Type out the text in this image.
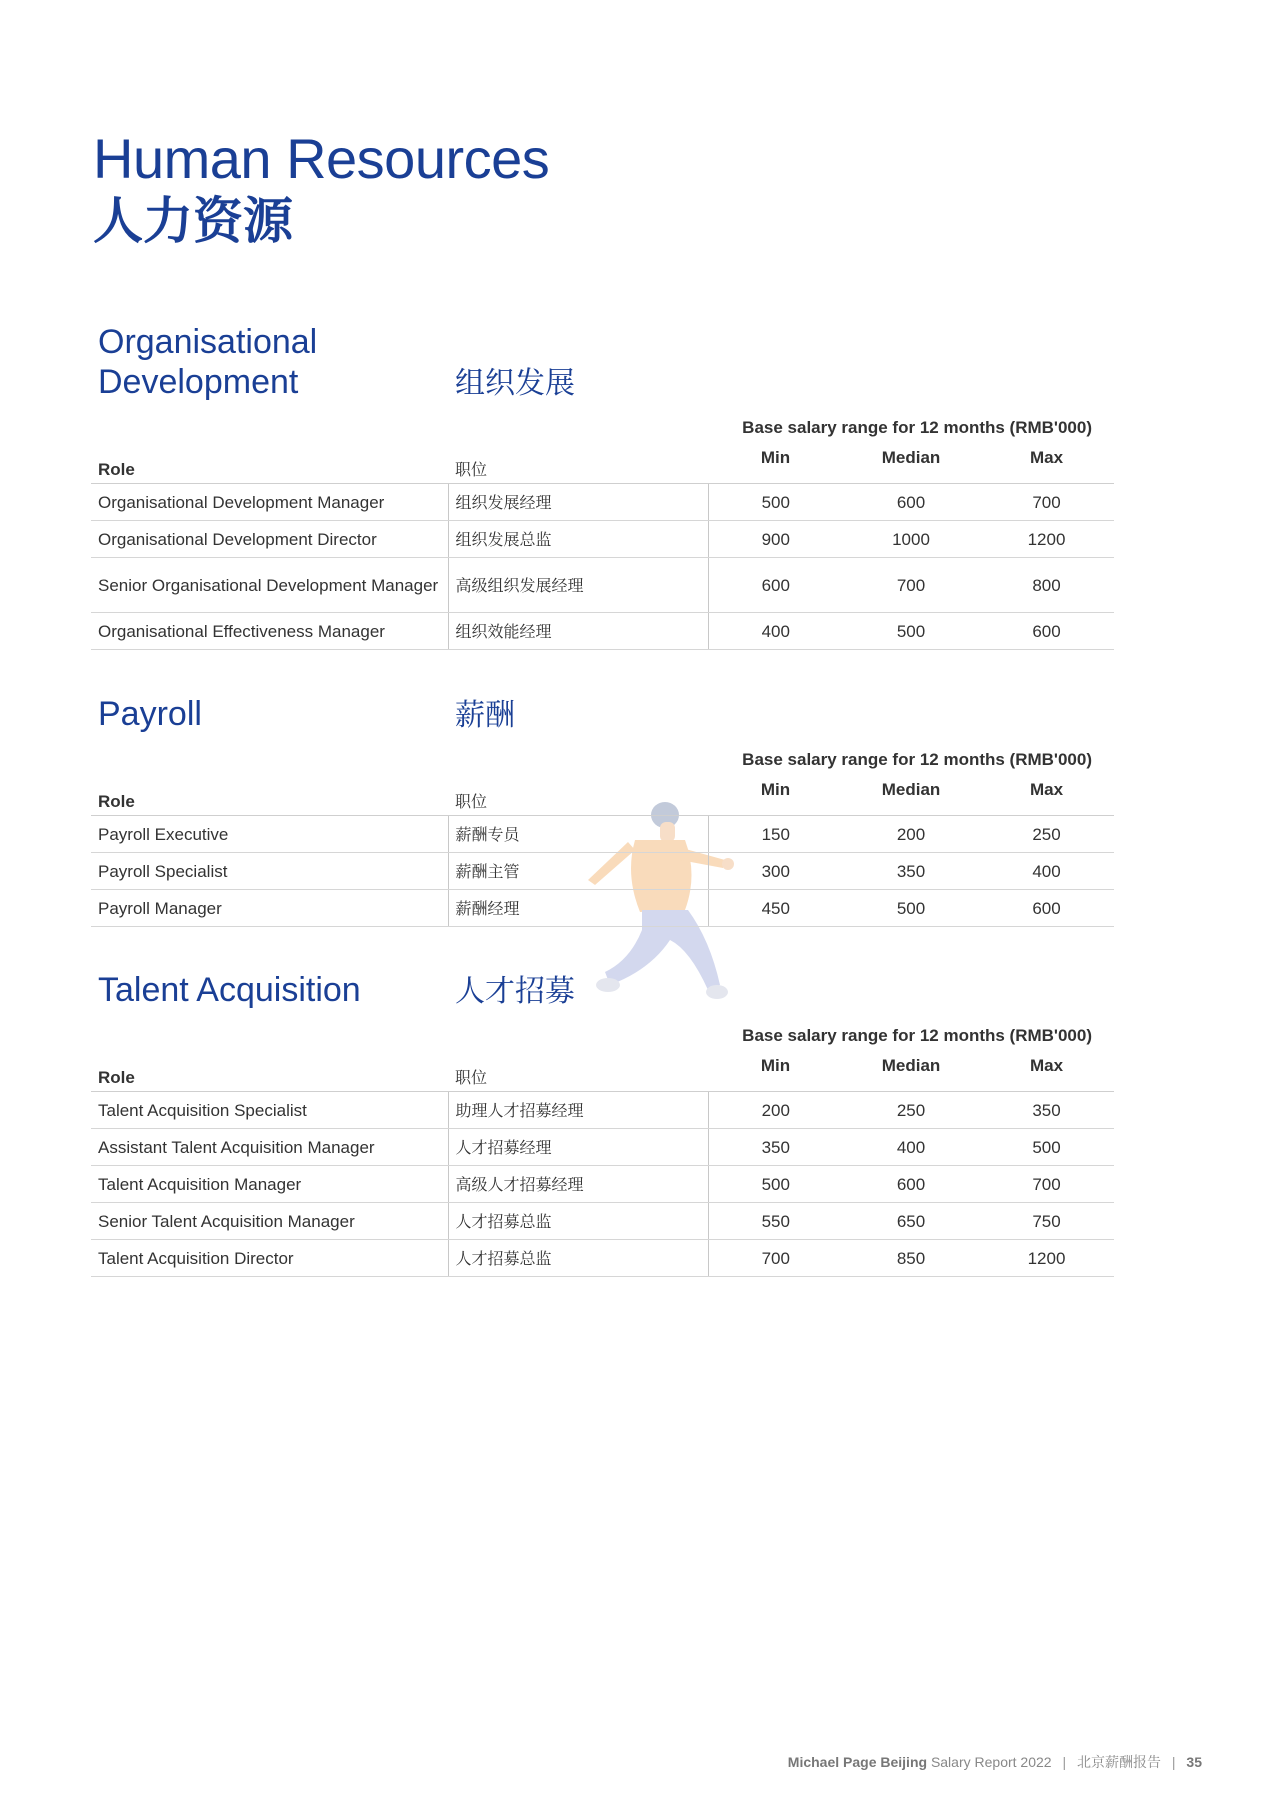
Human Resources
人力资源
Organisational
Development	组织发展
Base salary range for 12 months (RMB'000)
Role	职位	Min	Median	Max
Organisational Development Manager	组织发展经理	500	600	700
Organisational Development Director	组织发展总监	900	1000	1200
Senior Organisational Development Manager	高级组织发展经理	600	700	800
Organisational Effectiveness Manager	组织效能经理	400	500	600
Payroll	薪酬
Base salary range for 12 months (RMB'000)
Role	职位	Min	Median	Max
Payroll Executive	薪酬专员	150	200	250
Payroll Specialist	薪酬主管	300	350	400
Payroll Manager	薪酬经理	450	500	600
Talent Acquisition	人才招募
Base salary range for 12 months (RMB'000)
Role	职位	Min	Median	Max
Talent Acquisition Specialist	助理人才招募经理	200	250	350
Assistant Talent Acquisition Manager	人才招募经理	350	400	500
Talent Acquisition Manager	高级人才招募经理	500	600	700
Senior Talent Acquisition Manager	人才招募总监	550	650	750
Talent Acquisition Director	人才招募总监	700	850	1200
Michael Page Beijing Salary Report 2022 | 北京薪酬报告 | 35
